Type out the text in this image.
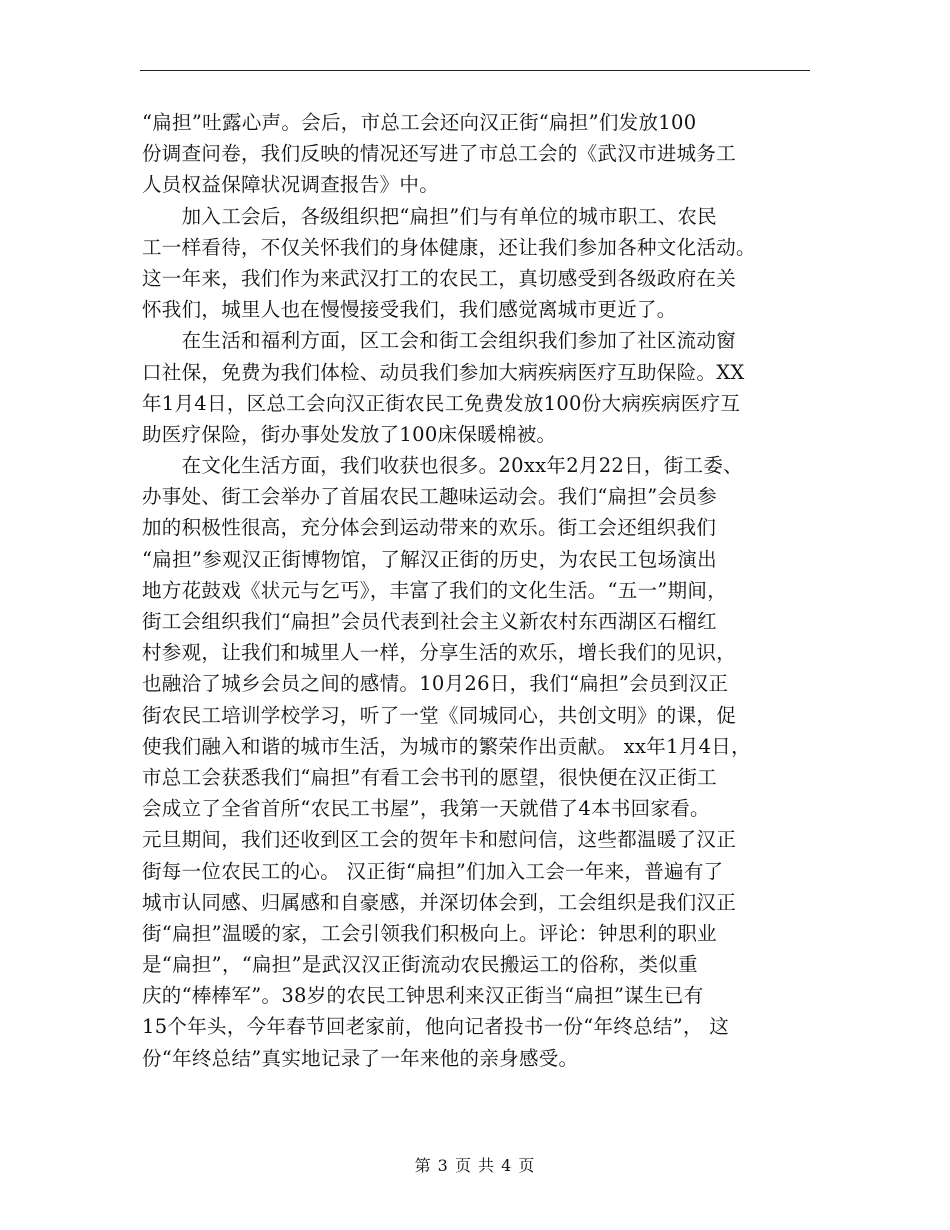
“扁担”吐露心声。会后，市总工会还向汉正街“扁担”们发放100
份调查问卷，我们反映的情况还写进了市总工会的《武汉市进城务工
人员权益保障状况调查报告》中。
　　加入工会后，各级组织把“扁担”们与有单位的城市职工、农民
工一样看待，不仅关怀我们的身体健康，还让我们参加各种文化活动。
这一年来，我们作为来武汉打工的农民工，真切感受到各级政府在关
怀我们，城里人也在慢慢接受我们，我们感觉离城市更近了。
　　在生活和福利方面，区工会和街工会组织我们参加了社区流动窗
口社保，免费为我们体检、动员我们参加大病疾病医疗互助保险。XX
年1月4日，区总工会向汉正街农民工免费发放100份大病疾病医疗互
助医疗保险，街办事处发放了100床保暖棉被。
　　在文化生活方面，我们收获也很多。20xx年2月22日，街工委、
办事处、街工会举办了首届农民工趣味运动会。我们“扁担”会员参
加的积极性很高，充分体会到运动带来的欢乐。街工会还组织我们
“扁担”参观汉正街博物馆，了解汉正街的历史，为农民工包场演出
地方花鼓戏《状元与乞丐》，丰富了我们的文化生活。“五一”期间，
街工会组织我们“扁担”会员代表到社会主义新农村东西湖区石榴红
村参观，让我们和城里人一样，分享生活的欢乐，增长我们的见识，
也融洽了城乡会员之间的感情。10月26日，我们“扁担”会员到汉正
街农民工培训学校学习，听了一堂《同城同心，共创文明》的课，促
使我们融入和谐的城市生活，为城市的繁荣作出贡献。 xx年1月4日，
市总工会获悉我们“扁担”有看工会书刊的愿望，很快便在汉正街工
会成立了全省首所“农民工书屋”，我第一天就借了4本书回家看。
元旦期间，我们还收到区工会的贺年卡和慰问信，这些都温暖了汉正
街每一位农民工的心。 汉正街“扁担”们加入工会一年来，普遍有了
城市认同感、归属感和自豪感，并深切体会到，工会组织是我们汉正
街“扁担”温暖的家，工会引领我们积极向上。评论：钟思利的职业
是“扁担”，“扁担”是武汉汉正街流动农民搬运工的俗称，类似重
庆的“棒棒军”。38岁的农民工钟思利来汉正街当“扁担”谋生已有
15个年头，今年春节回老家前，他向记者投书一份“年终总结”， 这
份“年终总结”真实地记录了一年来他的亲身感受。
第 3 页 共 4 页
